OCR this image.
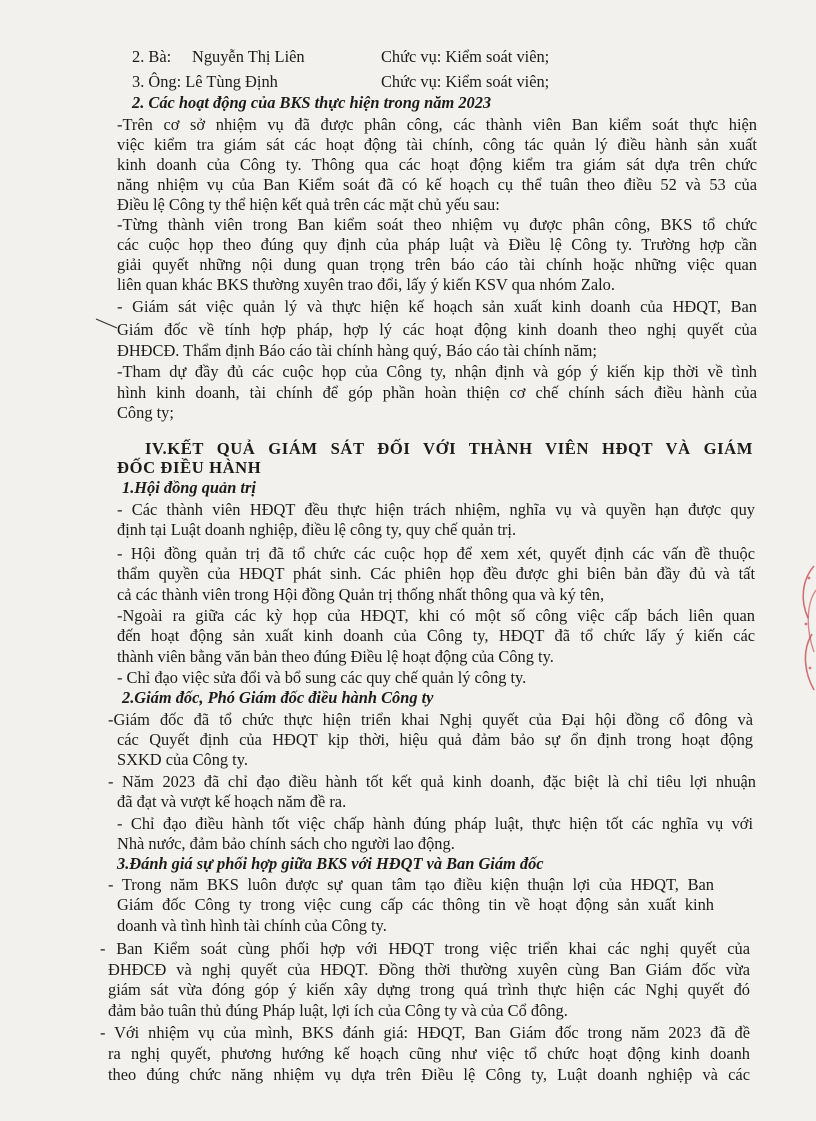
2. Bà: Nguyễn Thị Liên	Chức vụ: Kiểm soát viên;
3. Ông: Lê Tùng Định	Chức vụ: Kiểm soát viên;
2. Các hoạt động của BKS thực hiện trong năm 2023
-Trên cơ sở nhiệm vụ đã được phân công, các thành viên Ban kiểm soát thực hiện
việc kiểm tra giám sát các hoạt động tài chính, công tác quản lý điều hành sản xuất
kinh doanh của Công ty. Thông qua các hoạt động kiểm tra giám sát dựa trên chức
năng nhiệm vụ của Ban Kiểm soát đã có kế hoạch cụ thể tuân theo điều 52 và 53 của
Điều lệ Công ty thể hiện kết quả trên các mặt chủ yếu sau:
-Từng thành viên trong Ban kiểm soát theo nhiệm vụ được phân công, BKS tổ chức
các cuộc họp theo đúng quy định của pháp luật và Điều lệ Công ty. Trường hợp cần
giải quyết những nội dung quan trọng trên báo cáo tài chính hoặc những việc quan
liên quan khác BKS thường xuyên trao đổi, lấy ý kiến KSV qua nhóm Zalo.
- Giám sát việc quản lý và thực hiện kế hoạch sản xuất kinh doanh của HĐQT, Ban
Giám đốc về tính hợp pháp, hợp lý các hoạt động kinh doanh theo nghị quyết của
ĐHĐCĐ. Thẩm định Báo cáo tài chính hàng quý, Báo cáo tài chính năm;
-Tham dự đầy đủ các cuộc họp của Công ty, nhận định và góp ý kiến kịp thời về tình
hình kinh doanh, tài chính để góp phần hoàn thiện cơ chế chính sách điều hành của
Công ty;
IV.KẾT QUẢ GIÁM SÁT ĐỐI VỚI THÀNH VIÊN HĐQT VÀ GIÁM
ĐỐC ĐIỀU HÀNH
1.Hội đồng quản trị
- Các thành viên HĐQT đều thực hiện trách nhiệm, nghĩa vụ và quyền hạn được quy
định tại Luật doanh nghiệp, điều lệ công ty, quy chế quản trị.
- Hội đồng quản trị đã tổ chức các cuộc họp để xem xét, quyết định các vấn đề thuộc
thẩm quyền của HĐQT phát sinh. Các phiên họp đều được ghi biên bản đầy đủ và tất
cả các thành viên trong Hội đồng Quản trị thống nhất thông qua và ký tên,
-Ngoài ra giữa các kỳ họp của HĐQT, khi có một số công việc cấp bách liên quan
đến hoạt động sản xuất kinh doanh của Công ty, HĐQT đã tổ chức lấy ý kiến các
thành viên bằng văn bản theo đúng Điều lệ hoạt động của Công ty.
- Chỉ đạo việc sửa đổi và bổ sung các quy chế quản lý công ty.
2.Giám đốc, Phó Giám đốc điều hành Công ty
-Giám đốc đã tổ chức thực hiện triển khai Nghị quyết của Đại hội đồng cổ đông và
các Quyết định của HĐQT kịp thời, hiệu quả đảm bảo sự ổn định trong hoạt động
SXKD của Công ty.
- Năm 2023 đã chỉ đạo điều hành tốt kết quả kinh doanh, đặc biệt là chỉ tiêu lợi nhuận
đã đạt và vượt kế hoạch năm đề ra.
- Chỉ đạo điều hành tốt việc chấp hành đúng pháp luật, thực hiện tốt các nghĩa vụ với
Nhà nước, đảm bảo chính sách cho người lao động.
3.Đánh giá sự phối hợp giữa BKS với HĐQT và Ban Giám đốc
- Trong năm BKS luôn được sự quan tâm tạo điều kiện thuận lợi của HĐQT, Ban
Giám đốc Công ty trong việc cung cấp các thông tin về hoạt động sản xuất kinh
doanh và tình hình tài chính của Công ty.
- Ban Kiểm soát cùng phối hợp với HĐQT trong việc triển khai các nghị quyết của
ĐHĐCĐ và nghị quyết của HĐQT. Đồng thời thường xuyên cùng Ban Giám đốc vừa
giám sát vừa đóng góp ý kiến xây dựng trong quá trình thực hiện các Nghị quyết đó
đảm bảo tuân thủ đúng Pháp luật, lợi ích của Công ty và của Cổ đông.
- Với nhiệm vụ của mình, BKS đánh giá: HĐQT, Ban Giám đốc trong năm 2023 đã đề
ra nghị quyết, phương hướng kế hoạch cũng như việc tổ chức hoạt động kinh doanh
theo đúng chức năng nhiệm vụ dựa trên Điều lệ Công ty, Luật doanh nghiệp và các
